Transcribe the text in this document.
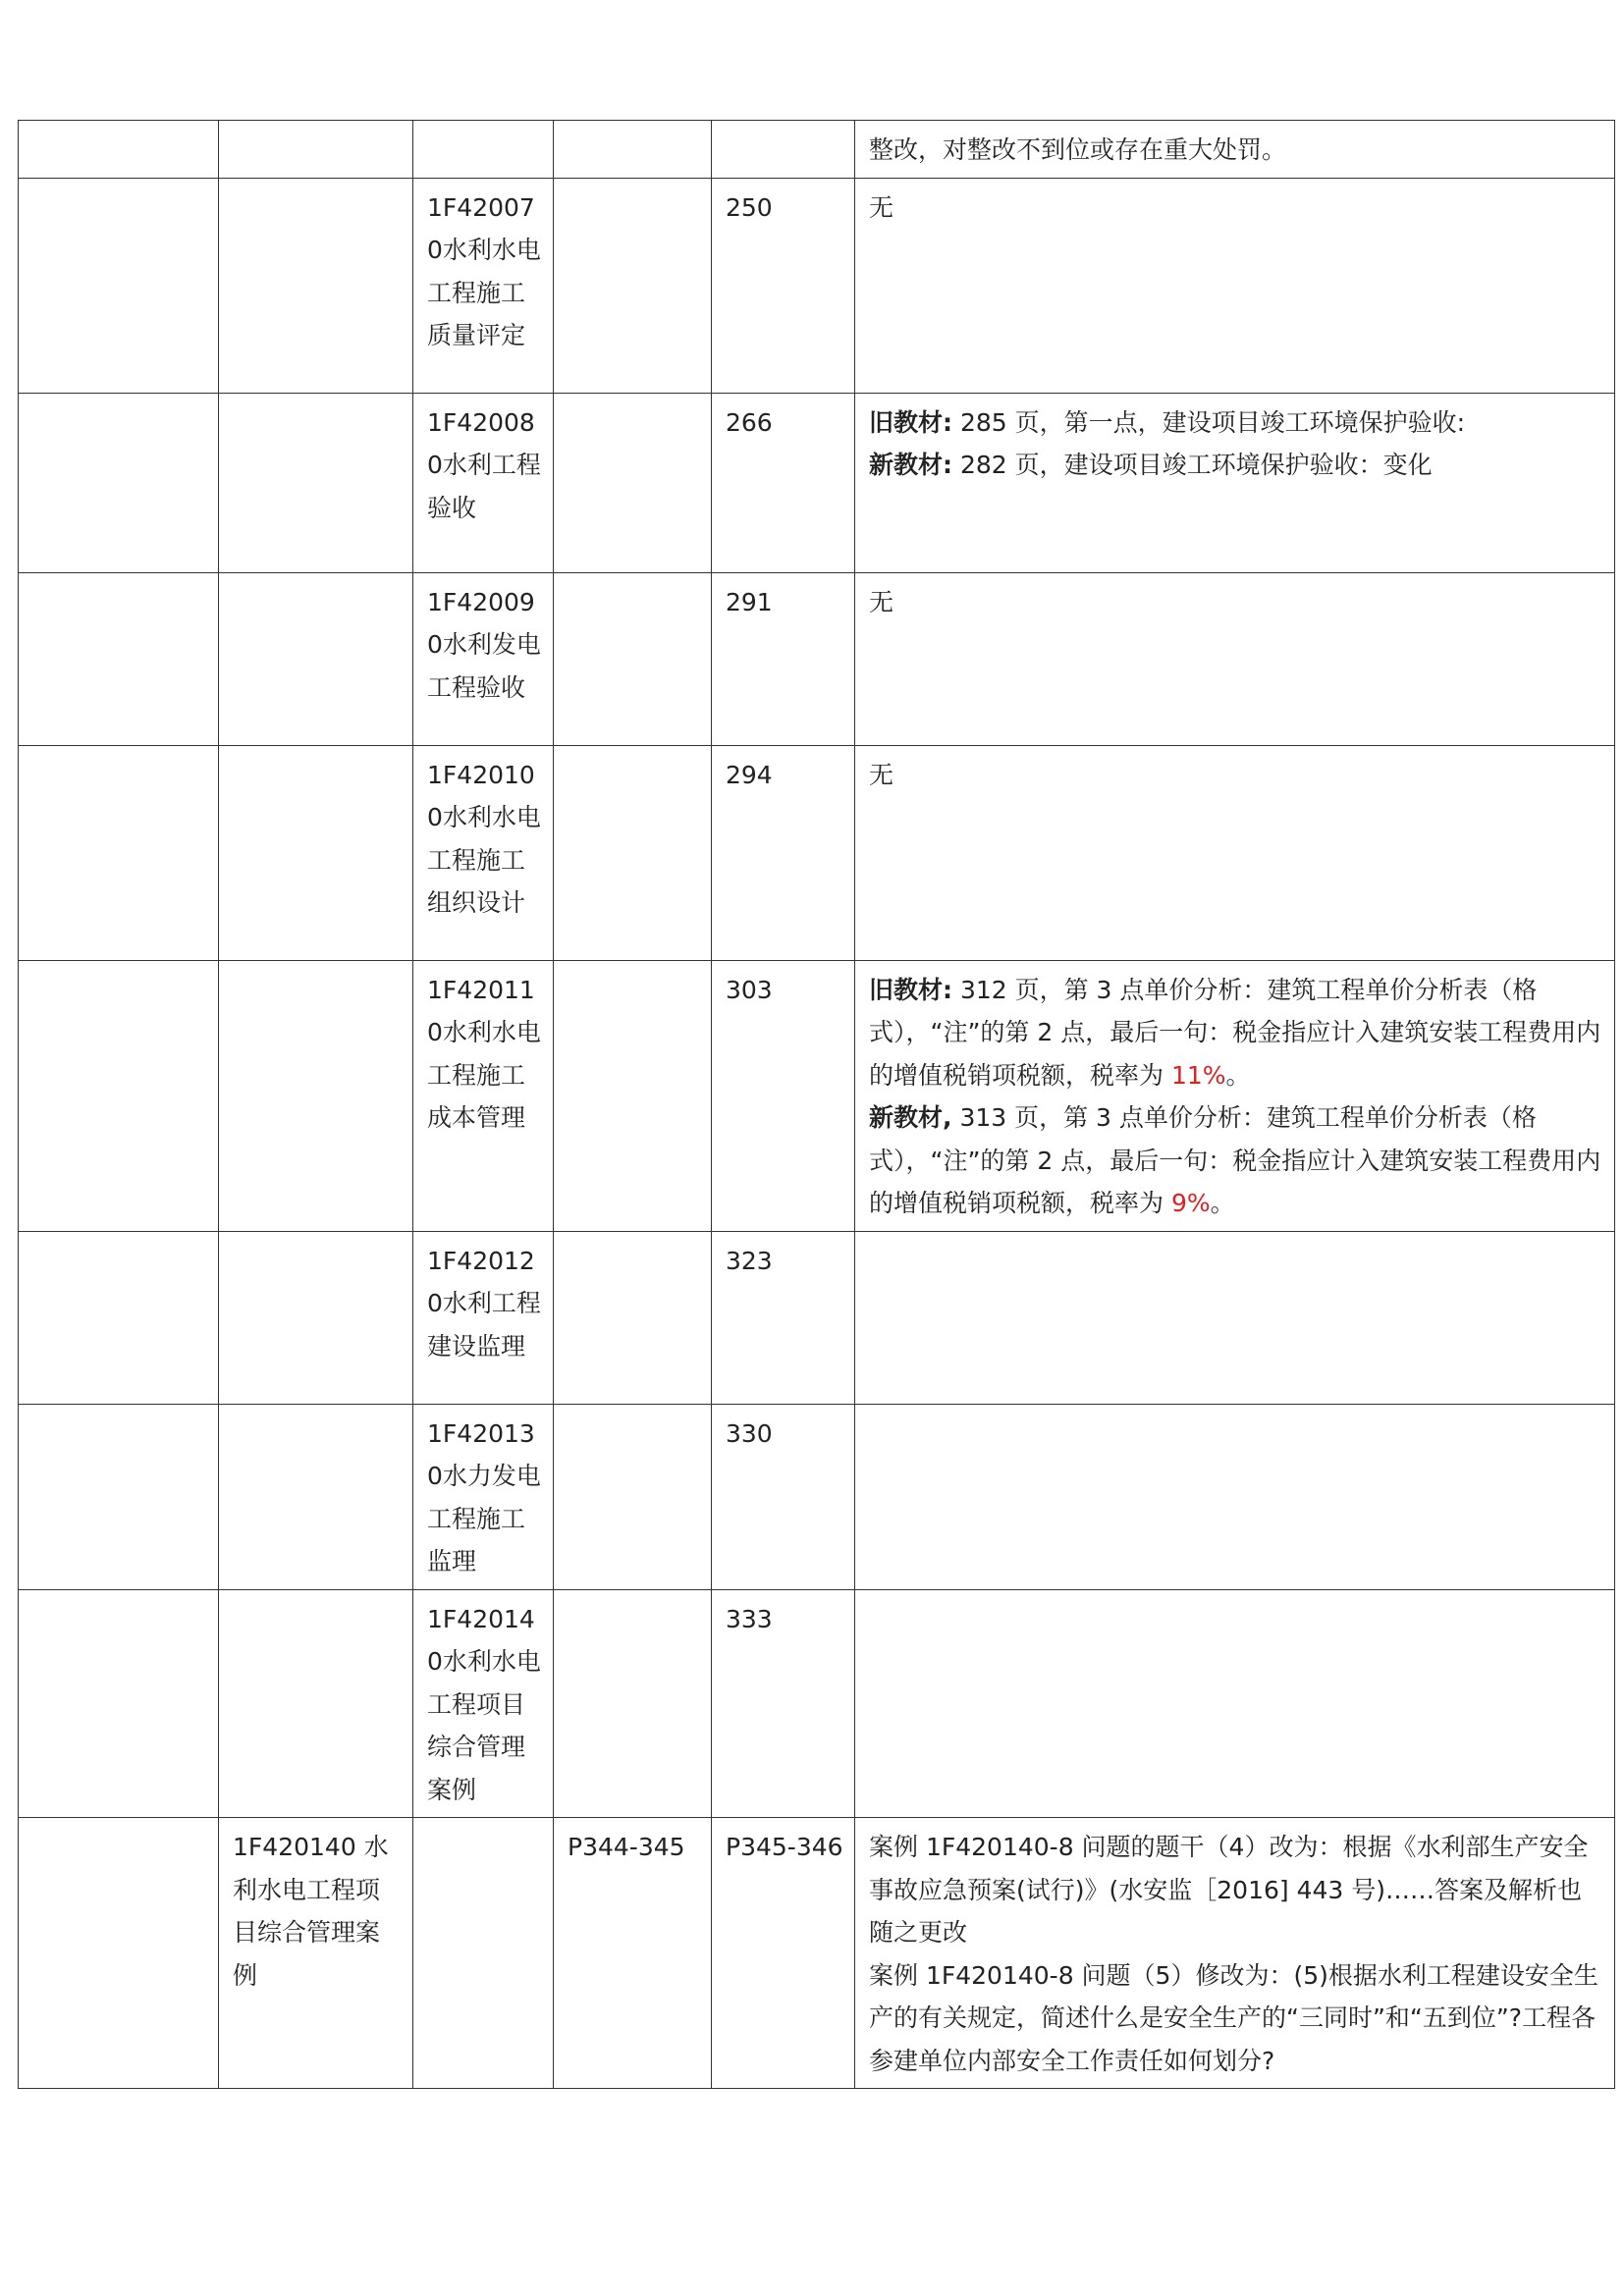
					整改，对整改不到位或存在重大处罚。

		1F420070水利水电工程施工质量评定		250	无

		1F420080水利工程验收		266	旧教材: 285 页，第一点，建设项目竣工环境保护验收:
新教材: 282 页，建设项目竣工环境保护验收：变化

		1F420090水利发电工程验收		291	无

		1F420100水利水电工程施工组织设计		294	无

		1F420110水利水电工程施工成本管理		303	旧教材: 312 页，第 3 点单价分析：建筑工程单价分析表（格式），“注”的第 2 点，最后一句：税金指应计入建筑安装工程费用内的增值税销项税额，税率为 11%。
新教材, 313 页，第 3 点单价分析：建筑工程单价分析表（格式），“注”的第 2 点，最后一句：税金指应计入建筑安装工程费用内的增值税销项税额，税率为 9%。

		1F420120水利工程建设监理		323	
		1F420130水力发电工程施工监理		330	
		1F420140水利水电工程项目综合管理案例		333	
	1F420140 水利水电工程项目综合管理案例		P344-345	P345-346	案例 1F420140-8 问题的题干（4）改为：根据《水利部生产安全事故应急预案(试行)》(水安监［2016] 443 号)……答案及解析也随之更改
案例 1F420140-8 问题（5）修改为：(5)根据水利工程建设安全生产的有关规定，简述什么是安全生产的“三同时”和“五到位”?工程各参建单位内部安全工作责任如何划分?
